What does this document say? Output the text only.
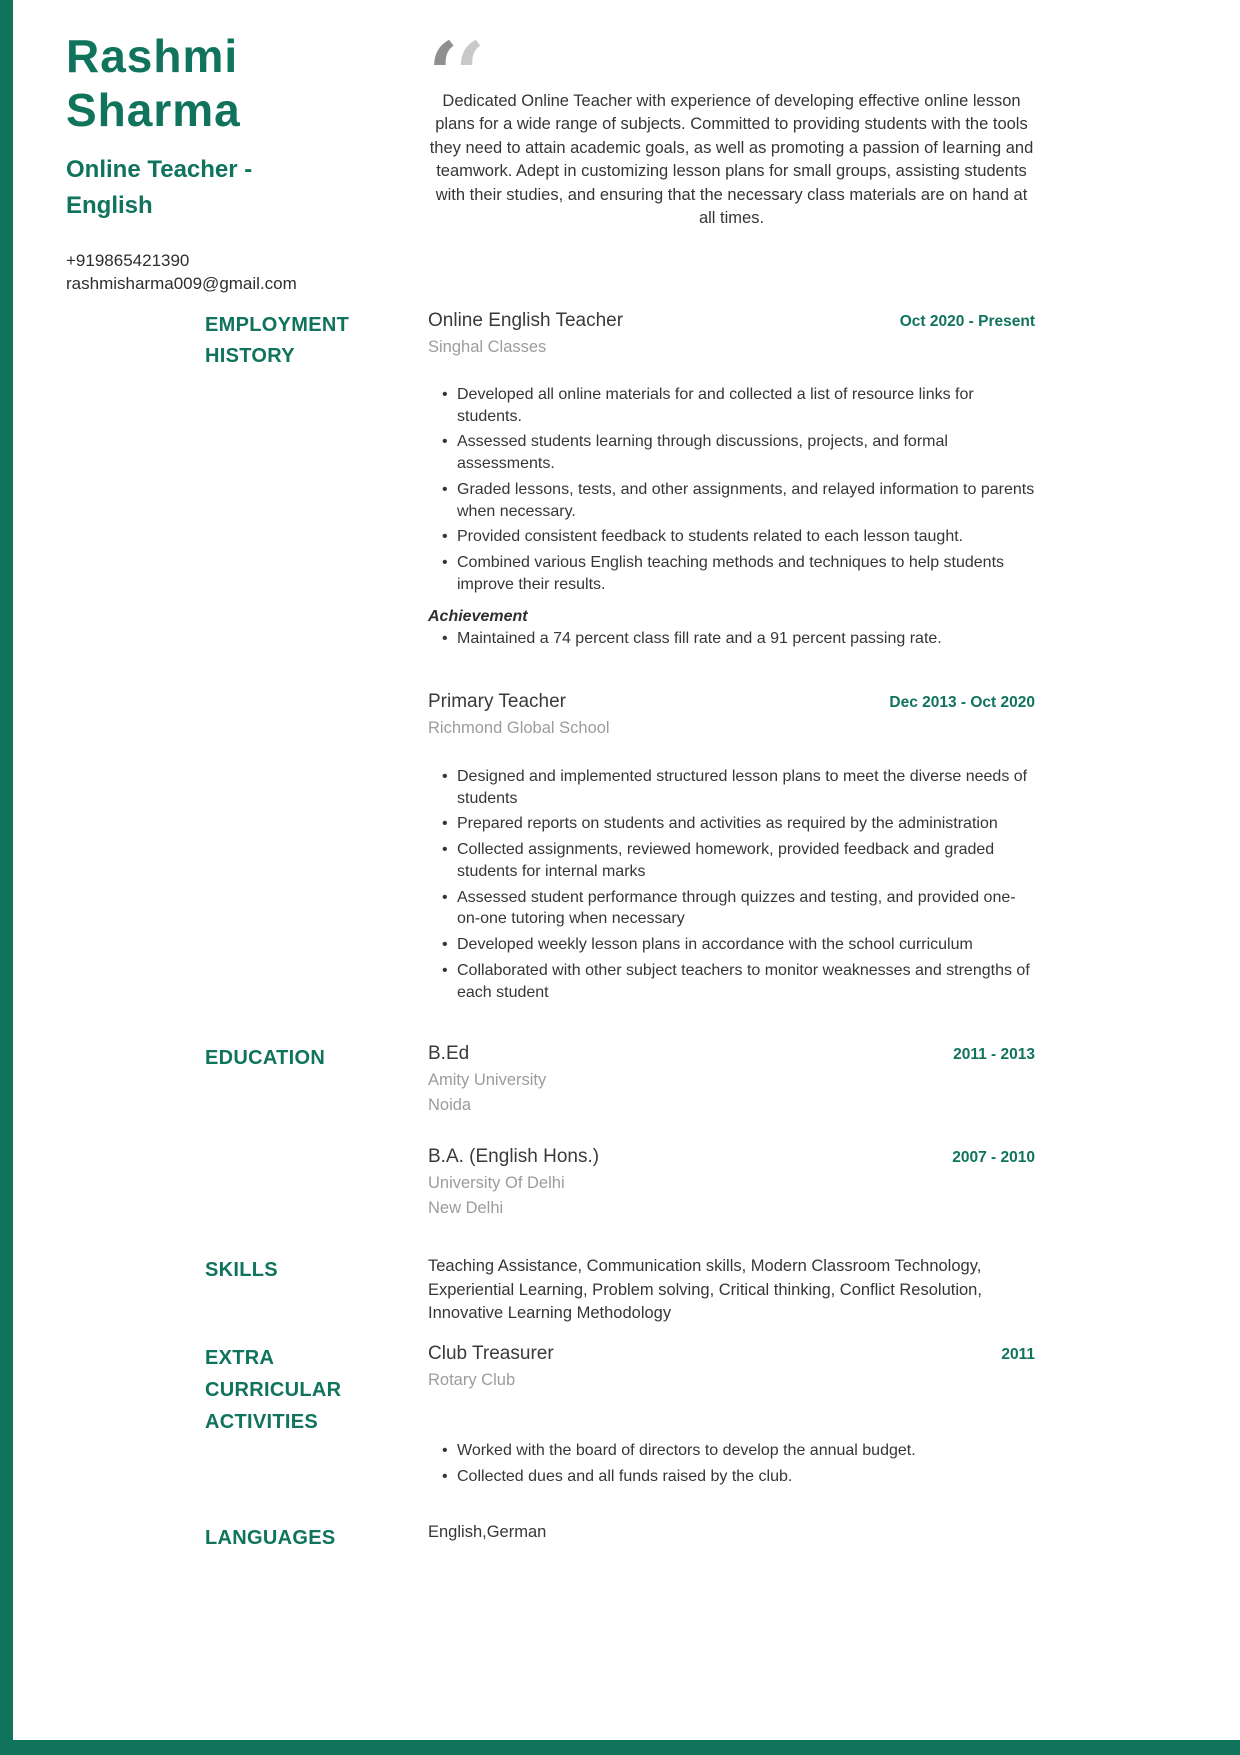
Rashmi Sharma
Online Teacher - English
+919865421390
rashmisharma009@gmail.com
‘‘

Dedicated Online Teacher with experience of developing effective online lesson plans for a wide range of subjects. Committed to providing students with the tools they need to attain academic goals, as well as promoting a passion of learning and teamwork. Adept in customizing lesson plans for small groups, assisting students with their studies, and ensuring that the necessary class materials are on hand at all times.

EMPLOYMENT HISTORY
Online English Teacher	Oct 2020 - Present
Singhal Classes
• Developed all online materials for and collected a list of resource links for students.
• Assessed students learning through discussions, projects, and formal assessments.
• Graded lessons, tests, and other assignments, and relayed information to parents when necessary.
• Provided consistent feedback to students related to each lesson taught.
• Combined various English teaching methods and techniques to help students improve their results.
Achievement
• Maintained a 74 percent class fill rate and a 91 percent passing rate.
Primary Teacher	Dec 2013 - Oct 2020
Richmond Global School
• Designed and implemented structured lesson plans to meet the diverse needs of students
• Prepared reports on students and activities as required by the administration
• Collected assignments, reviewed homework, provided feedback and graded students for internal marks
• Assessed student performance through quizzes and testing, and provided one-on-one tutoring when necessary
• Developed weekly lesson plans in accordance with the school curriculum
• Collaborated with other subject teachers to monitor weaknesses and strengths of each student
EDUCATION	B.Ed	2011 - 2013
Amity University
Noida
B.A. (English Hons.)	2007 - 2010
University Of Delhi
New Delhi
SKILLS	Teaching Assistance, Communication skills, Modern Classroom Technology, Experiential Learning, Problem solving, Critical thinking, Conflict Resolution, Innovative Learning Methodology

EXTRA CURRICULAR ACTIVITIES
Club Treasurer	2011
Rotary Club
• Worked with the board of directors to develop the annual budget.
• Collected dues and all funds raised by the club.
LANGUAGES	English,German
